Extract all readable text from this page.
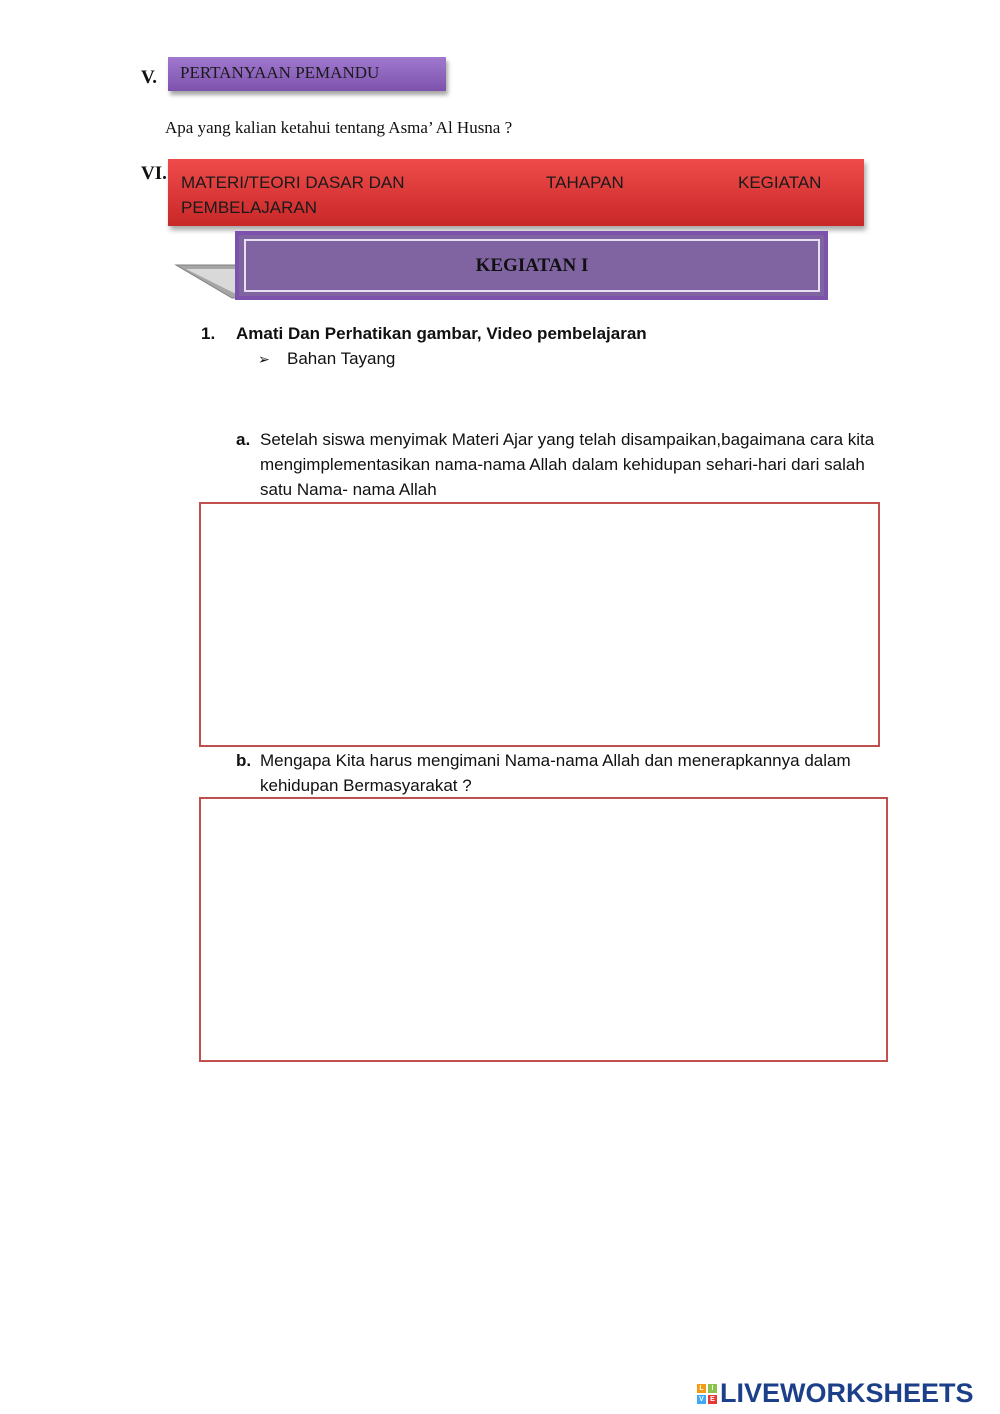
V.	PERTANYAAN PEMANDU
Apa yang kalian ketahui tentang Asma’ Al Husna ?
VI. MATERI/TEORI DASAR DAN	TAHAPAN	KEGIATAN
PEMBELAJARAN
KEGIATAN I
1. Amati Dan Perhatikan gambar, Video pembelajaran
➢ Bahan Tayang
a. Setelah siswa menyimak Materi Ajar yang telah disampaikan,bagaimana cara kita mengimplementasikan nama-nama Allah dalam kehidupan sehari-hari dari salah satu Nama- nama Allah
b. Mengapa Kita harus mengimani Nama-nama Allah dan menerapkannya dalam kehidupan Bermasyarakat ?
L	I
V E LIVEWORKSHEETS
